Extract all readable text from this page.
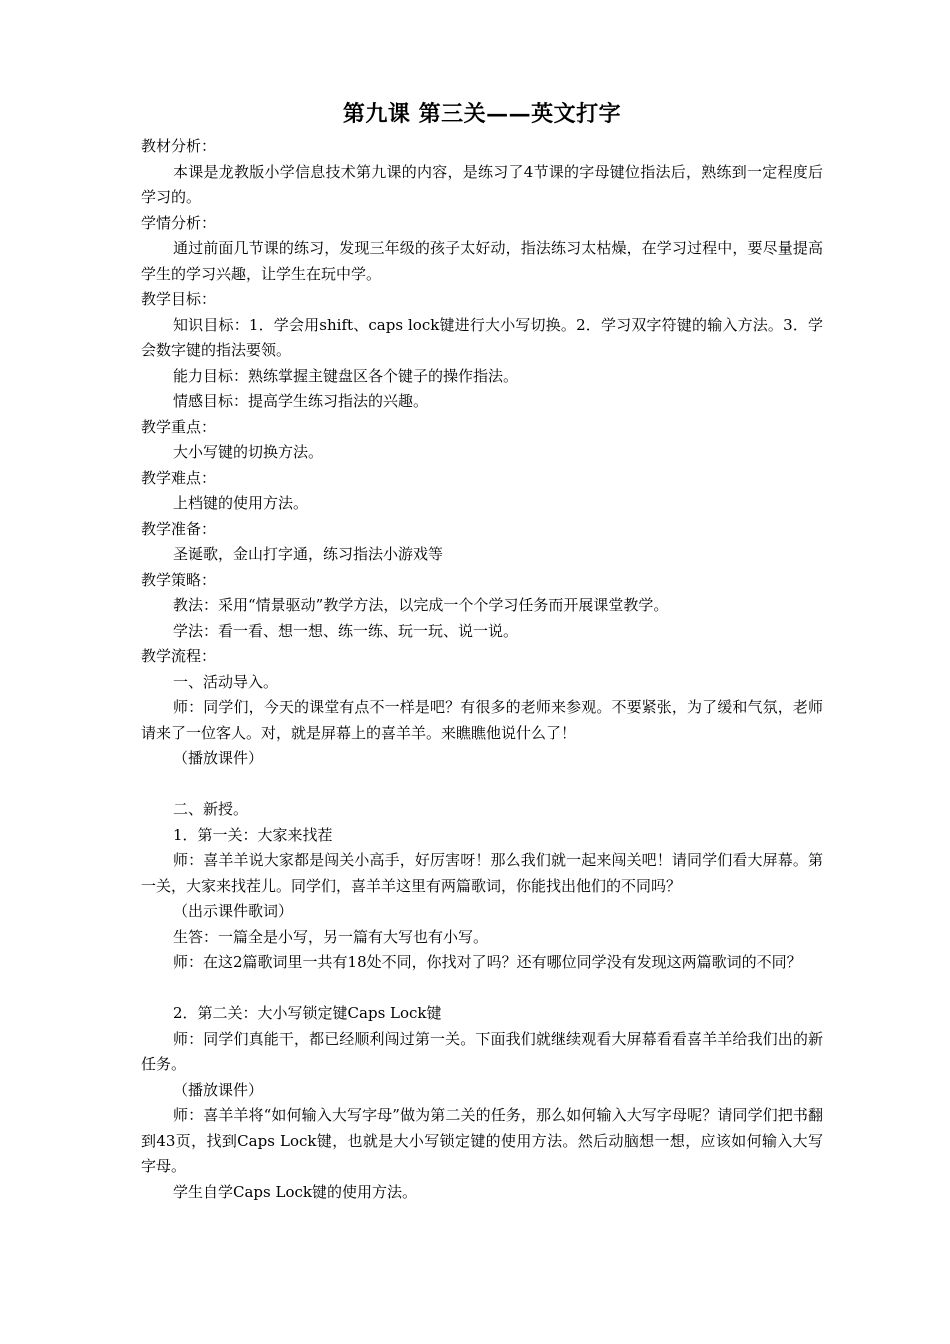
第九课 第三关——英文打字

教材分析：

本课是龙教版小学信息技术第九课的内容，是练习了4节课的字母键位指法后，熟练到一定程度后学习的。

学情分析：

通过前面几节课的练习，发现三年级的孩子太好动，指法练习太枯燥，在学习过程中，要尽量提高学生的学习兴趣，让学生在玩中学。

教学目标：

知识目标：1．学会用shift、caps lock键进行大小写切换。2．学习双字符键的输入方法。3．学会数字键的指法要领。

能力目标：熟练掌握主键盘区各个键子的操作指法。

情感目标：提高学生练习指法的兴趣。

教学重点：

大小写键的切换方法。

教学难点：

上档键的使用方法。

教学准备：

圣诞歌，金山打字通，练习指法小游戏等

教学策略：

教法：采用“情景驱动”教学方法，以完成一个个学习任务而开展课堂教学。

学法：看一看、想一想、练一练、玩一玩、说一说。

教学流程：

一、活动导入。

师：同学们，今天的课堂有点不一样是吧？有很多的老师来参观。不要紧张，为了缓和气氛，老师请来了一位客人。对，就是屏幕上的喜羊羊。来瞧瞧他说什么了！

（播放课件）

二、新授。

1．第一关：大家来找茬

师：喜羊羊说大家都是闯关小高手，好厉害呀！那么我们就一起来闯关吧！请同学们看大屏幕。第一关，大家来找茬儿。同学们，喜羊羊这里有两篇歌词，你能找出他们的不同吗？

（出示课件歌词）

生答：一篇全是小写，另一篇有大写也有小写。

师：在这2篇歌词里一共有18处不同，你找对了吗？还有哪位同学没有发现这两篇歌词的不同？

2．第二关：大小写锁定键Caps Lock键

师：同学们真能干，都已经顺利闯过第一关。下面我们就继续观看大屏幕看看喜羊羊给我们出的新任务。

（播放课件）

师：喜羊羊将“如何输入大写字母”做为第二关的任务，那么如何输入大写字母呢？请同学们把书翻到43页，找到Caps Lock键，也就是大小写锁定键的使用方法。然后动脑想一想，应该如何输入大写字母。

学生自学Caps Lock键的使用方法。
